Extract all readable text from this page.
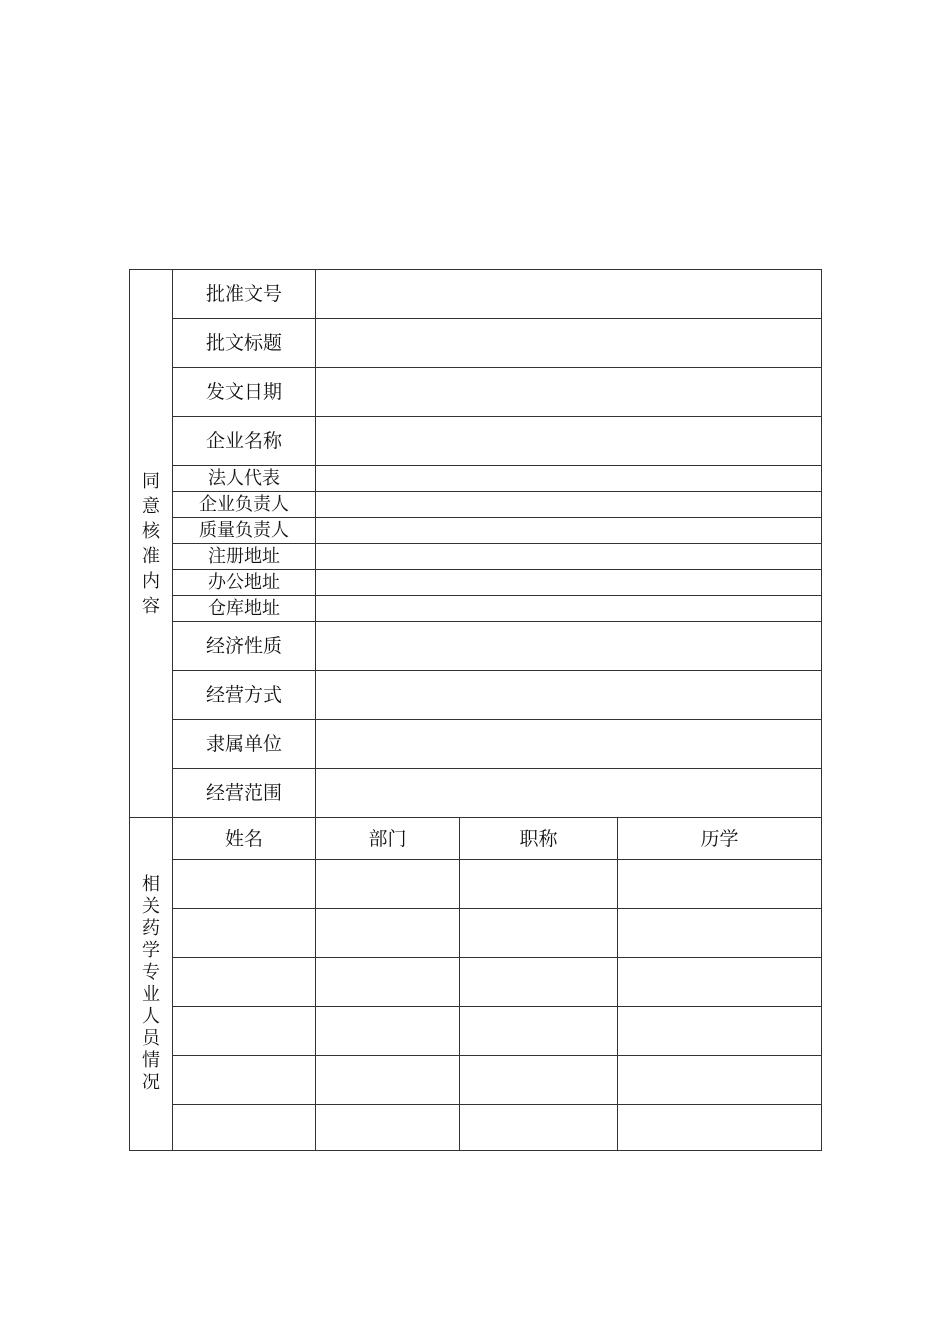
同意核准内容	批准文号			
	批文标题			
	发文日期			
	企业名称			
	法人代表			
	企业负责人			
	质量负责人			
	注册地址			
	办公地址			
	仓库地址			
	经济性质			
	经营方式			
	隶属单位			
	经营范围			
相关药学专业人员情况	姓名	部门	职称	历学
